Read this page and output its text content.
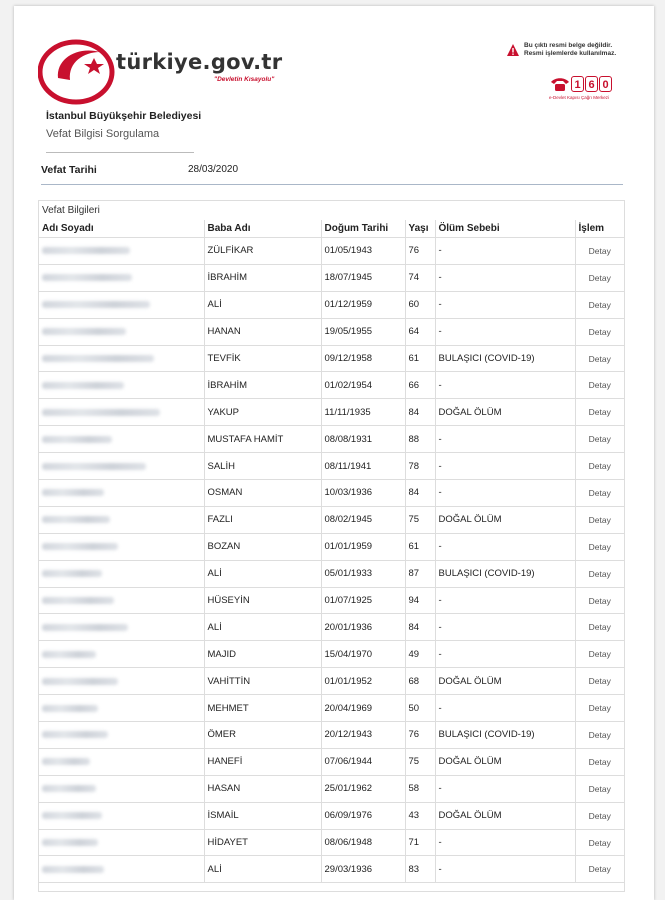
türkiye.gov.tr
"Devletin Kısayolu"
Bu çıktı resmi belge değildir.
Resmi işlemlerde kullanılmaz.
1 6 0
e-Devlet Kapısı Çağrı Merkezi
İstanbul Büyükşehir Belediyesi
Vefat Bilgisi Sorgulama
Vefat Tarihi	28/03/2020
Vefat Bilgileri
Adı Soyadı	Baba Adı	Doğum Tarihi	Yaşı	Ölüm Sebebi	İşlem
	ZÜLFİKAR	01/05/1943	76	-	Detay
	İBRAHİM	18/07/1945	74	-	Detay
	ALİ	01/12/1959	60	-	Detay
	HANAN	19/05/1955	64	-	Detay
	TEVFİK	09/12/1958	61	BULAŞICI (COVID-19)	Detay
	İBRAHİM	01/02/1954	66	-	Detay
	YAKUP	11/11/1935	84	DOĞAL ÖLÜM	Detay
	MUSTAFA HAMİT	08/08/1931	88	-	Detay
	SALİH	08/11/1941	78	-	Detay
	OSMAN	10/03/1936	84	-	Detay
	FAZLI	08/02/1945	75	DOĞAL ÖLÜM	Detay
	BOZAN	01/01/1959	61	-	Detay
	ALİ	05/01/1933	87	BULAŞICI (COVID-19)	Detay
	HÜSEYİN	01/07/1925	94	-	Detay
	ALİ	20/01/1936	84	-	Detay
	MAJID	15/04/1970	49	-	Detay
	VAHİTTİN	01/01/1952	68	DOĞAL ÖLÜM	Detay
	MEHMET	20/04/1969	50	-	Detay
	ÖMER	20/12/1943	76	BULAŞICI (COVID-19)	Detay
	HANEFİ	07/06/1944	75	DOĞAL ÖLÜM	Detay
	HASAN	25/01/1962	58	-	Detay
	İSMAİL	06/09/1976	43	DOĞAL ÖLÜM	Detay
	HİDAYET	08/06/1948	71	-	Detay
	ALİ	29/03/1936	83	-	Detay
